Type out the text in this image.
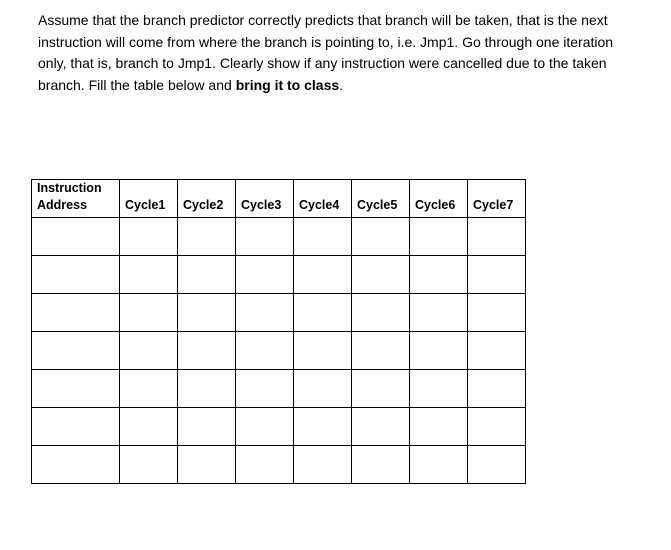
Assume that the branch predictor correctly predicts that branch will be taken, that is the next instruction will come from where the branch is pointing to, i.e. Jmp1. Go through one iteration only, that is, branch to Jmp1. Clearly show if any instruction were cancelled due to the taken branch. Fill the table below and bring it to class.

Instruction
Address	Cycle1	Cycle2	Cycle3	Cycle4	Cycle5	Cycle6	Cycle7
